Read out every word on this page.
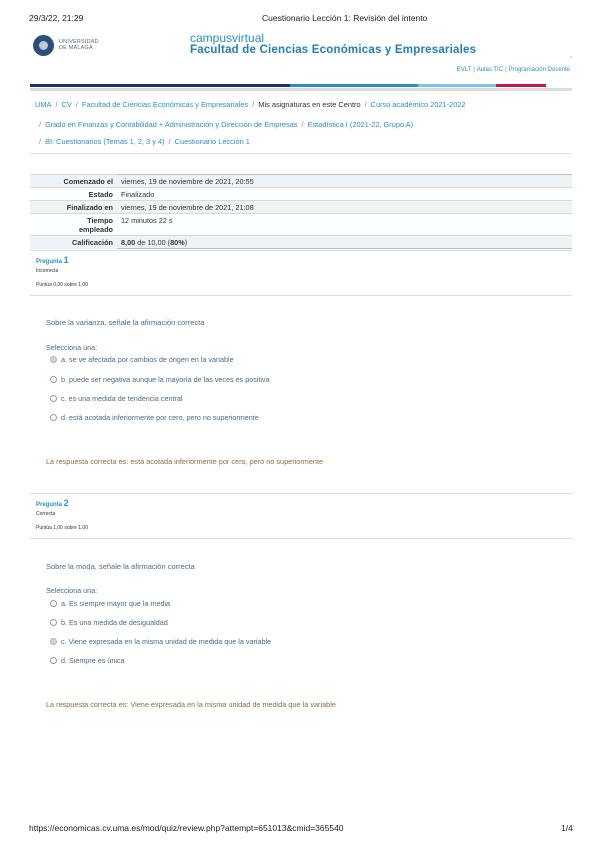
29/3/22, 21:29	Cuestionario Lección 1: Revisión del intento
UNIVERSIDAD
DE MÁLAGA
campusvirtual
Facultad de Ciencias Económicas y Empresariales	,
EVLT | Aulas TIC | Programación Docente
UMA / CV / Facultad de Ciencias Económicas y Empresariales / Mis asignaturas en este Centro / Curso académico 2021-2022
/ Grado en Finanzas y Contabilidad + Administración y Dirección de Empresas / Estadística I (2021-22, Grupo A)
/ BI: Cuestionarios (Temas 1, 2, 3 y 4) / Cuestionario Lección 1
Comenzado el	viernes, 19 de noviembre de 2021, 20:55
Estado	Finalizado
Finalizado en	viernes, 19 de noviembre de 2021, 21:08

Tiempo
empleado	12 minutos 22 s
Calificación	8,00 de 10,00 (80%)
Pregunta 1
Incorrecta
Puntúa 0,00 sobre 1,00
Sobre la varianza, señale la afirmación correcta
Selecciona una:
a. se ve afectada por cambios de origen en la variable
b. puede ser negativa aunque la mayoría de las veces es positiva
c. es una medida de tendencia central
d. está acotada inferiormente por cero, pero no superiormente
La respuesta correcta es: está acotada inferiormente por cero, pero no superiormente
Pregunta 2
Correcta
Puntúa 1,00 sobre 1,00
Sobre la moda, señale la afirmación correcta
Selecciona una:
a. Es siempre mayor que la media
b. Es una medida de desigualdad
c. Viene expresada en la misma unidad de medida que la variable
d. Siempre es única
La respuesta correcta es: Viene expresada en la misma unidad de medida que la variable
https://economicas.cv.uma.es/mod/quiz/review.php?attempt=651013&cmid=365540	1/4
